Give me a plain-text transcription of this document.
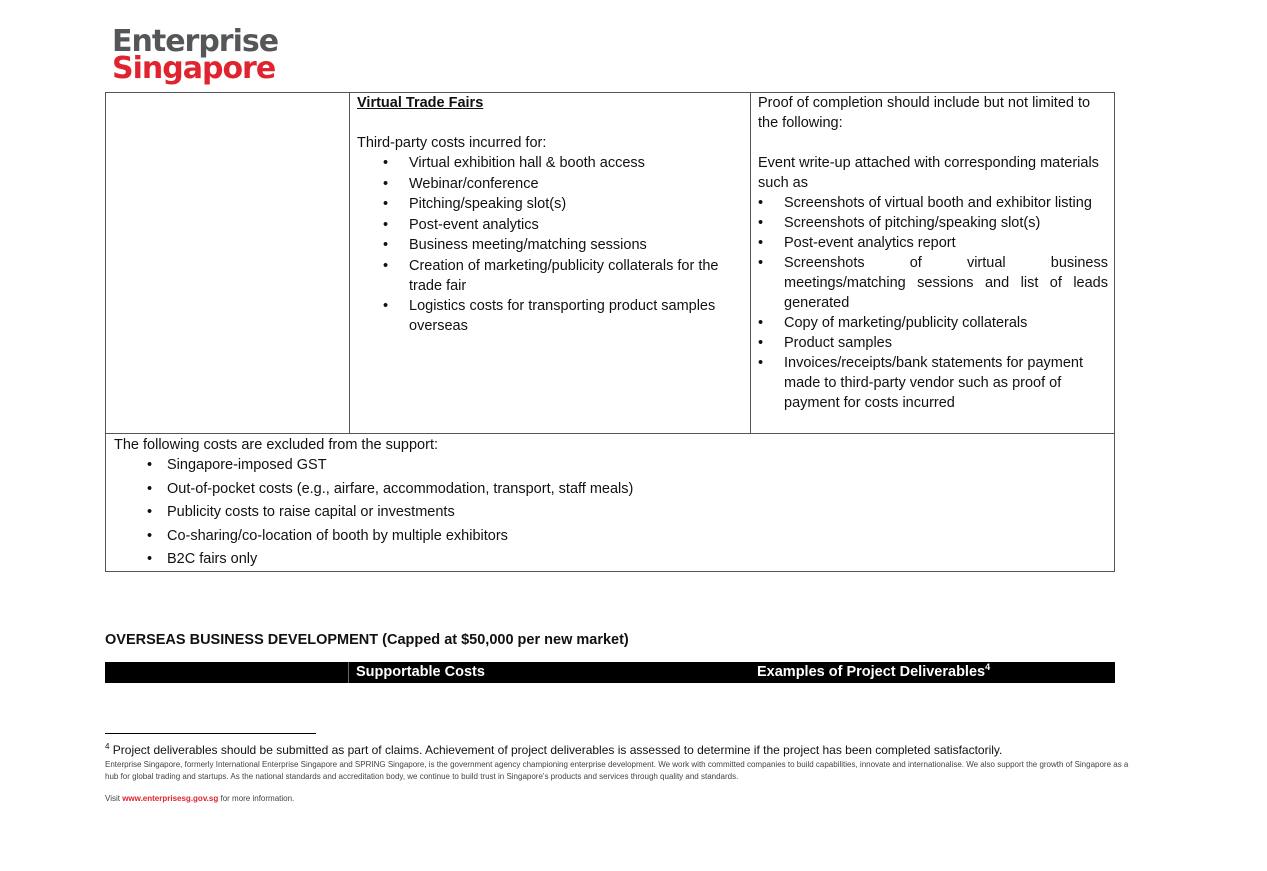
Enterprise
Singapore

Virtual Trade Fairs

Third-party costs incurred for:

• Virtual exhibition hall & booth access
• Webinar/conference
• Pitching/speaking slot(s)
• Post-event analytics
• Business meeting/matching sessions
• Creation of marketing/publicity collaterals for the trade fair
• Logistics costs for transporting product samples overseas

Proof of completion should include but not limited to the following:

Event write-up attached with corresponding materials such as

• Screenshots of virtual booth and exhibitor listing
• Screenshots of pitching/speaking slot(s)
• Post-event analytics report
• Screenshots of virtual business meetings/matching sessions and list of leads generated
• Copy of marketing/publicity collaterals
• Product samples
• Invoices/receipts/bank statements for payment made to third-party vendor such as proof of payment for costs incurred

The following costs are excluded from the support:

• Singapore-imposed GST
• Out-of-pocket costs (e.g., airfare, accommodation, transport, staff meals)
• Publicity costs to raise capital or investments
• Co-sharing/co-location of booth by multiple exhibitors
• B2C fairs only
OVERSEAS BUSINESS DEVELOPMENT (Capped at $50,000 per new market)
Supportable Costs	Examples of Project Deliverables$^4$
$^4$ Project deliverables should be submitted as part of claims. Achievement of project deliverables is assessed to determine if the project has been completed satisfactorily.
Enterprise Singapore, formerly International Enterprise Singapore and SPRING Singapore, is the government agency championing enterprise development. We work with committed companies to build capabilities, innovate and internationalise. We also support the growth of Singapore as a hub for global trading and startups. As the national standards and accreditation body, we continue to build trust in Singapore's products and services through quality and standards.
Visit www.enterprisesg.gov.sg for more information.
